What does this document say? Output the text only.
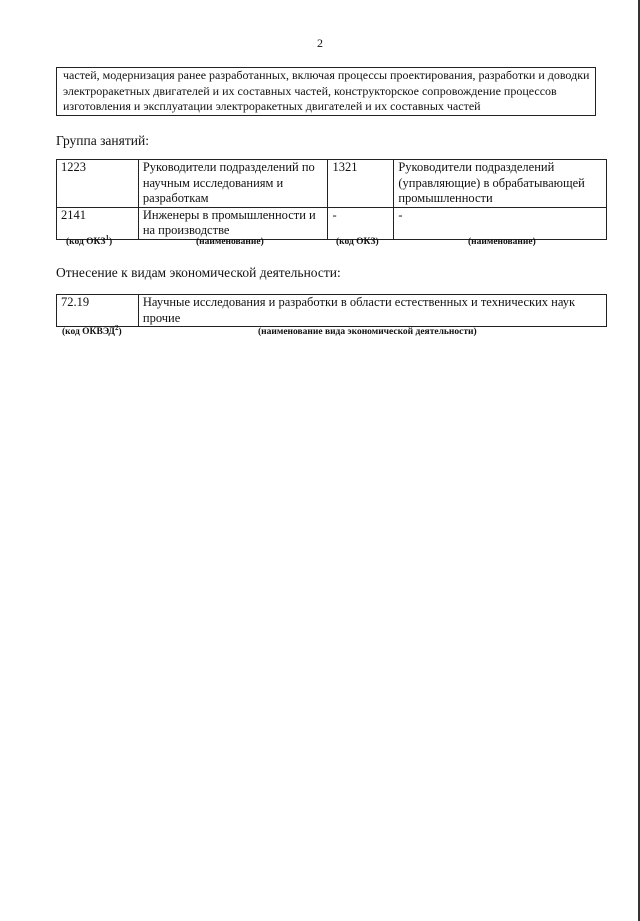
2
частей, модернизация ранее разработанных, включая процессы проектирования, разработки и доводки электроракетных двигателей и их составных частей, конструкторское сопровождение процессов изготовления и эксплуатации электроракетных двигателей и их составных частей
Группа занятий:
1223	Руководители подразделений по научным исследованиям и разработкам	1321	Руководители подразделений (управляющие) в обрабатывающей промышленности
2141	Инженеры в промышленности и на производстве	-	-
(код ОКЗ$^1$)	(наименование)	(код ОКЗ)	(наименование)
Отнесение к видам экономической деятельности:
72.19	Научные исследования и разработки в области естественных и технических наук прочие
(код ОКВЭД$^2$)	(наименование вида экономической деятельности)
